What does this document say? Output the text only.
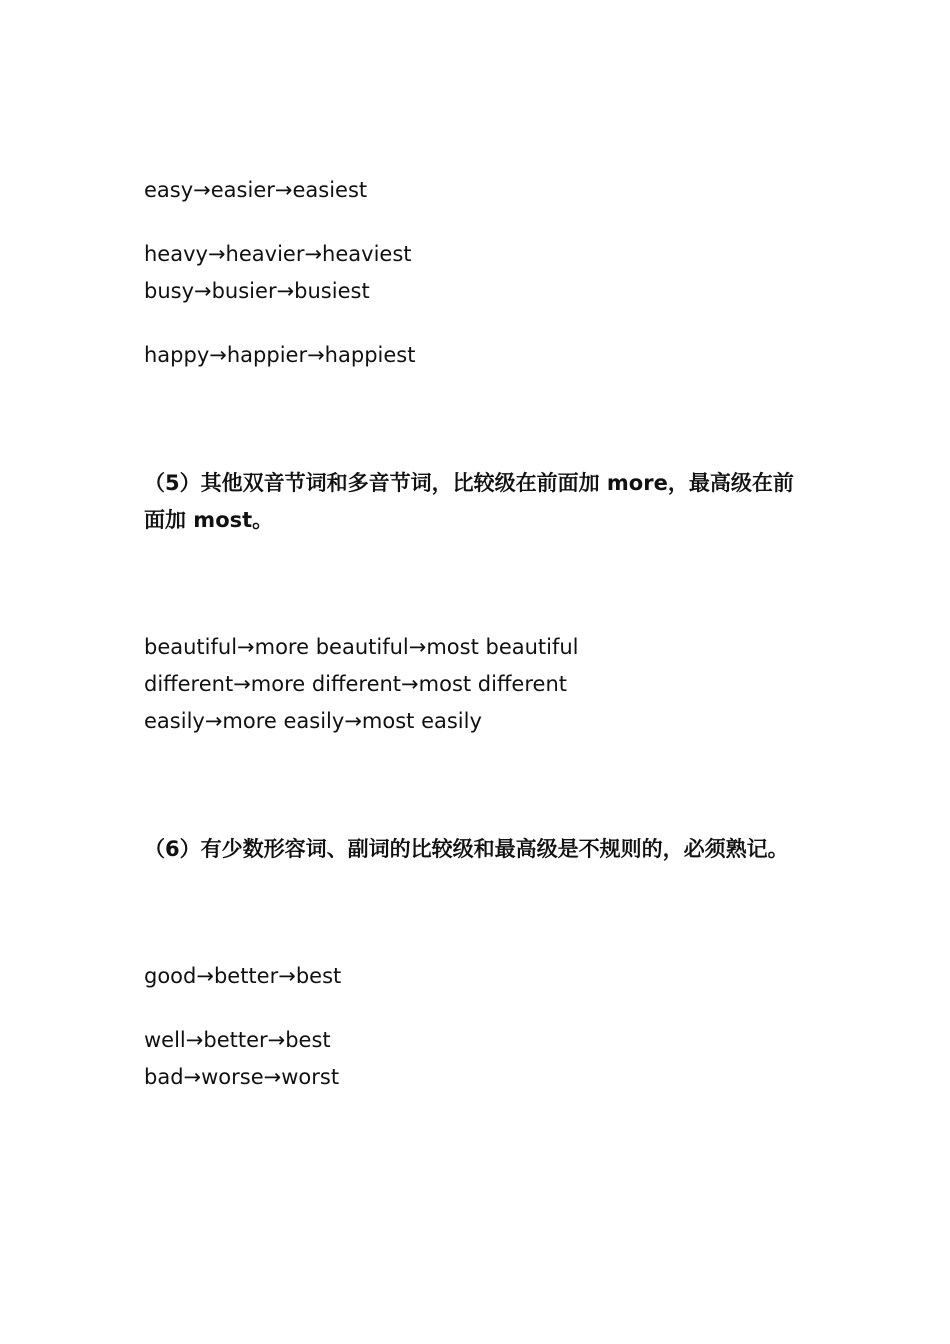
easy→easier→easiest
heavy→heavier→heaviest
busy→busier→busiest
happy→happier→happiest
（5）其他双音节词和多音节词，比较级在前面加 more，最高级在前面加 most。
beautiful→more beautiful→most beautiful
different→more different→most different
easily→more easily→most easily
（6）有少数形容词、副词的比较级和最高级是不规则的，必须熟记。
good→better→best
well→better→best
bad→worse→worst
